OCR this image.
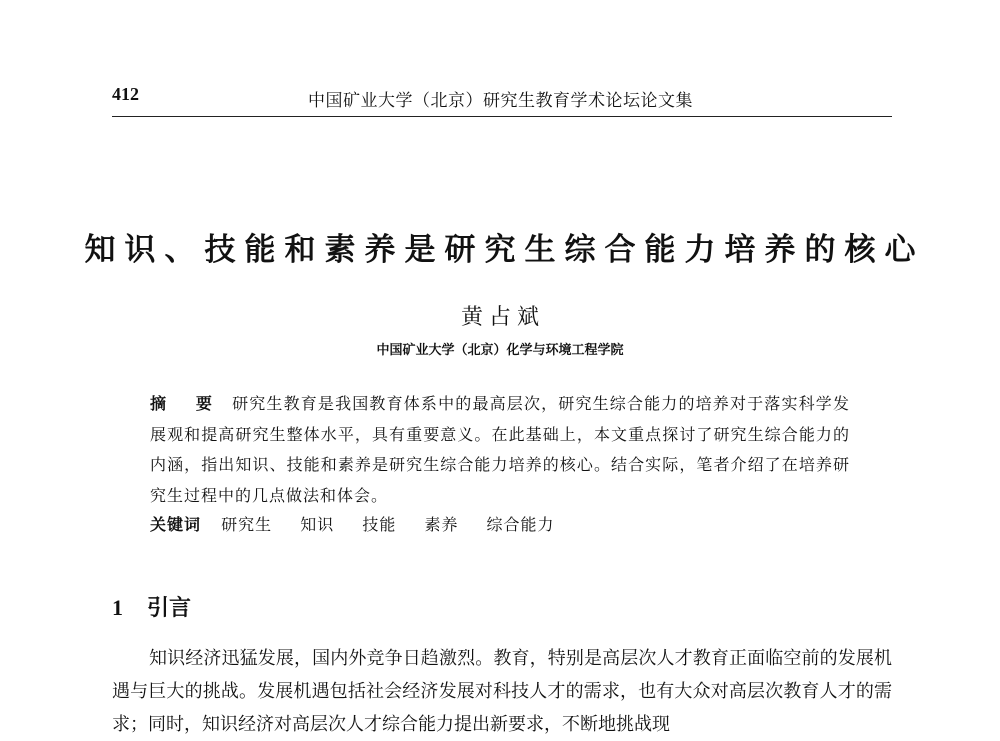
412	中国矿业大学（北京）研究生教育学术论坛论文集
知识、技能和素养是研究生综合能力培养的核心
黄占斌
中国矿业大学（北京）化学与环境工程学院
摘 要 研究生教育是我国教育体系中的最高层次，研究生综合能力的培养对于落实科学发展观和提高研究生整体水平，具有重要意义。在此基础上，本文重点探讨了研究生综合能力的内涵，指出知识、技能和素养是研究生综合能力培养的核心。结合实际，笔者介绍了在培养研究生过程中的几点做法和体会。
关键词 研究生 知识 技能 素养 综合能力
1 引言
知识经济迅猛发展，国内外竞争日趋激烈。教育，特别是高层次人才教育正面临空前的发展机遇与巨大的挑战。发展机遇包括社会经济发展对科技人才的需求，也有大众对高层次教育人才的需求；同时，知识经济对高层次人才综合能力提出新要求，不断地挑战现
